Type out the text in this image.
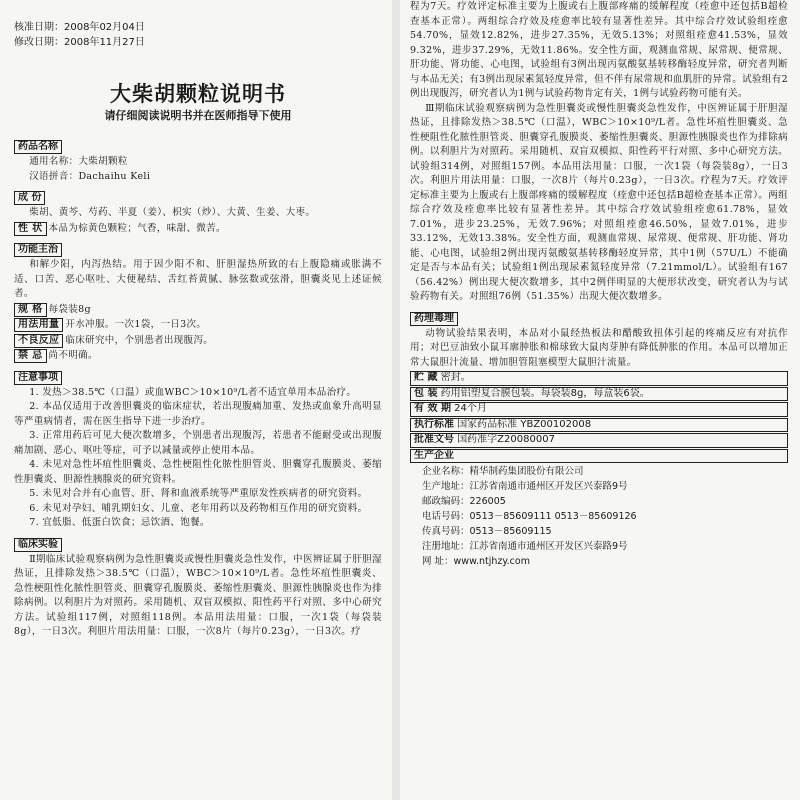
核准日期：2008年02月04日
修改日期：2008年11月27日
大柴胡颗粒说明书
请仔细阅读说明书并在医师指导下使用
药品名称
通用名称：大柴胡颗粒
汉语拼音：Dachaihu Keli
成 份
柴胡、黄芩、芍药、半夏（姜）、枳实（炒）、大黄、生姜、大枣。
性 状 本品为棕黄色颗粒；气香，味甜、微苦。
功能主治
和解少阳，内泻热结。用于因少阳不和、肝胆湿热所致的右上腹隐痛或胀满不适、口苦、恶心呕吐、大便秘结、舌红苔黄腻、脉弦数或弦滑，胆囊炎见上述证候者。
规 格 每袋装8g
用法用量 开水冲服。一次1袋，一日3次。
不良反应 临床研究中，个别患者出现腹泻。
禁 忌 尚不明确。
注意事项
1. 发热＞38.5℃（口温）或血WBC＞10×10⁹/L者不适宜单用本品治疗。
2. 本品仅适用于改善胆囊炎的临床症状，若出现腹痛加重、发热或血象升高明显等严重病情者，需在医生指导下进一步治疗。
3. 正常用药后可见大便次数增多，个别患者出现腹泻，若患者不能耐受或出现腹痛加剧、恶心、呕吐等症，可予以减量或停止使用本品。
4. 未见对急性坏疽性胆囊炎、急性梗阻性化脓性胆管炎、胆囊穿孔腹膜炎、萎缩性胆囊炎、胆源性胰腺炎的研究资料。
5. 未见对合并有心血管、肝、肾和血液系统等严重原发性疾病者的研究资料。
6. 未见对孕妇、哺乳期妇女、儿童、老年用药以及药物相互作用的研究资料。
7. 宜低脂、低蛋白饮食；忌饮酒、饱餐。
临床实验
Ⅱ期临床试验观察病例为急性胆囊炎或慢性胆囊炎急性发作，中医辨证属于肝胆湿热证，且排除发热＞38.5℃（口温），WBC＞10×10⁹/L者。急性坏疽性胆囊炎、急性梗阻性化脓性胆管炎、胆囊穿孔腹膜炎、萎缩性胆囊炎、胆源性胰腺炎也作为排除病例。以利胆片为对照药。采用随机、双盲双模拟、阳性药平行对照、多中心研究方法。试验组117例，对照组118例。本品用法用量：口服，一次1袋（每袋装8g），一日3次。利胆片用法用量：口服，一次8片（每片0.23g），一日3次。疗
程为7天。疗效评定标准主要为上腹或右上腹部疼痛的缓解程度（痊愈中还包括B超检查基本正常）。两组综合疗效及痊愈率比较有显著性差异。其中综合疗效试验组痊愈54.70%，显效12.82%，进步27.35%，无效5.13%；对照组痊愈41.53%，显效9.32%，进步37.29%，无效11.86%。安全性方面，观测血常规、尿常规、便常规、肝功能、肾功能、心电图，试验组有3例出现丙氨酸氨基转移酶轻度异常，研究者判断与本品无关；有3例出现尿素氮轻度异常，但不伴有尿常规和血肌肝的异常。试验组有2例出现腹泻，研究者认为1例与试验药物肯定有关，1例与试验药物可能有关。
Ⅲ期临床试验观察病例为急性胆囊炎或慢性胆囊炎急性发作，中医辨证属于肝胆湿热证，且排除发热＞38.5℃（口温），WBC＞10×10⁹/L者。急性坏疽性胆囊炎、急性梗阻性化脓性胆管炎、胆囊穿孔腹膜炎、萎缩性胆囊炎、胆源性胰腺炎也作为排除病例。以利胆片为对照药。采用随机、双盲双模拟、阳性药平行对照、多中心研究方法。试验组314例，对照组157例。本品用法用量：口服，一次1袋（每袋装8g），一日3次。利胆片用法用量：口服，一次8片（每片0.23g），一日3次。疗程为7天。疗效评定标准主要为上腹或右上腹部疼痛的缓解程度（痊愈中还包括B超检查基本正常）。两组综合疗效及痊愈率比较有显著性差异。其中综合疗效试验组痊愈61.78%，显效7.01%，进步23.25%，无效7.96%；对照组痊愈46.50%，显效7.01%，进步33.12%，无效13.38%。安全性方面，观测血常规、尿常规、便常规、肝功能、肾功能、心电图，试验组2例出现丙氨酸氨基转移酶轻度异常，其中1例（57U/L）不能确定是否与本品有关；试验组1例出现尿素氮轻度异常（7.21mmol/L）。试验组有167（56.42%）例出现大便次数增多，其中2例伴明显的大便形状改变，研究者认为与试验药物有关。对照组76例（51.35%）出现大便次数增多。
药理毒理
动物试验结果表明，本品对小鼠经热板法和醋酸致扭体引起的疼痛反应有对抗作用；对巴豆油致小鼠耳廓肿胀和棉球致大鼠肉芽肿有降低肿胀的作用。本品可以增加正常大鼠胆汁流量、增加胆管阻塞模型大鼠胆汁流量。
贮 藏 密封。
包 装 药用铝塑复合膜包装。每袋装8g，每盒装6袋。
有 效 期 24个月
执行标准 国家药品标准 YBZ00102008
批准文号 国药准字Z20080007
生产企业
企业名称：精华制药集团股份有限公司
生产地址：江苏省南通市通州区开发区兴泰路9号
邮政编码：226005
电话号码：0513－85609111 0513－85609126
传真号码：0513－85609115
注册地址：江苏省南通市通州区开发区兴泰路9号
网 址：www.ntjhzy.com
